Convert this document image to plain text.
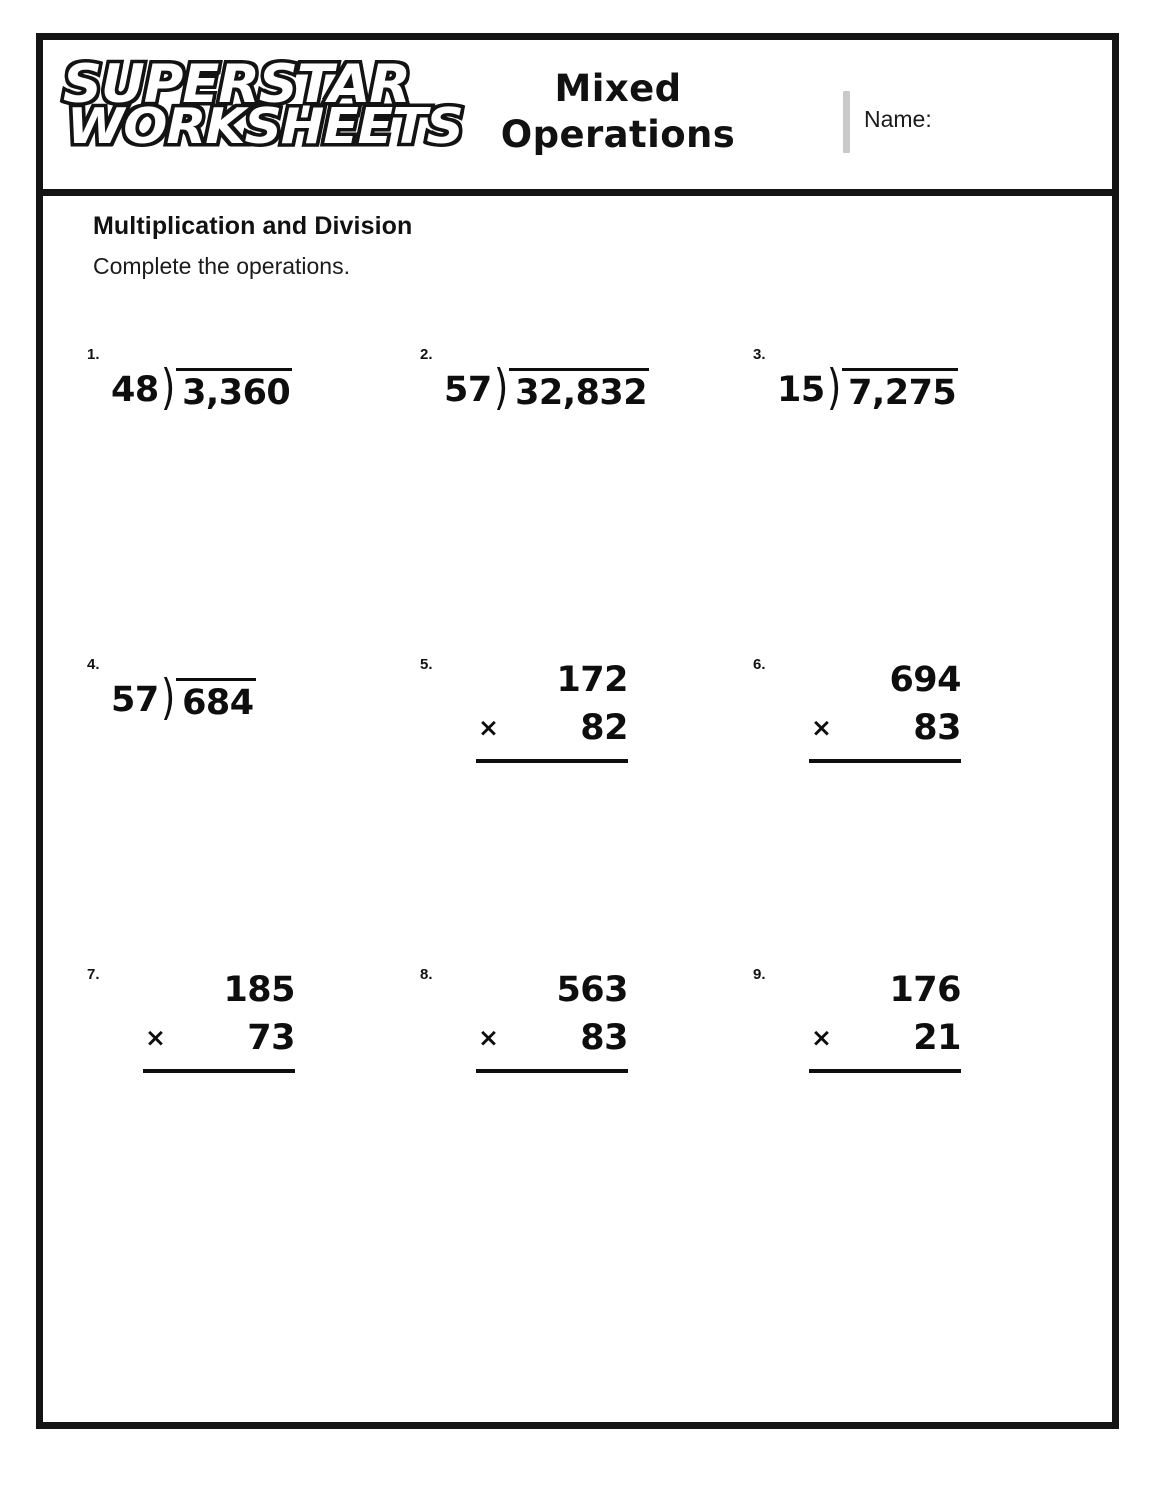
SUPERSTAR
WORKSHEETS
Mixed
Operations	Name:
Multiplication and Division
Complete the operations.
1.
48 ) 3,360
2.
57 ) 32,832
3.
15 ) 7,275
4.
57 ) 684
5.	172
× 82
6.	694
× 83
7.	185
× 73
8.	563
× 83
9.	176
× 21
